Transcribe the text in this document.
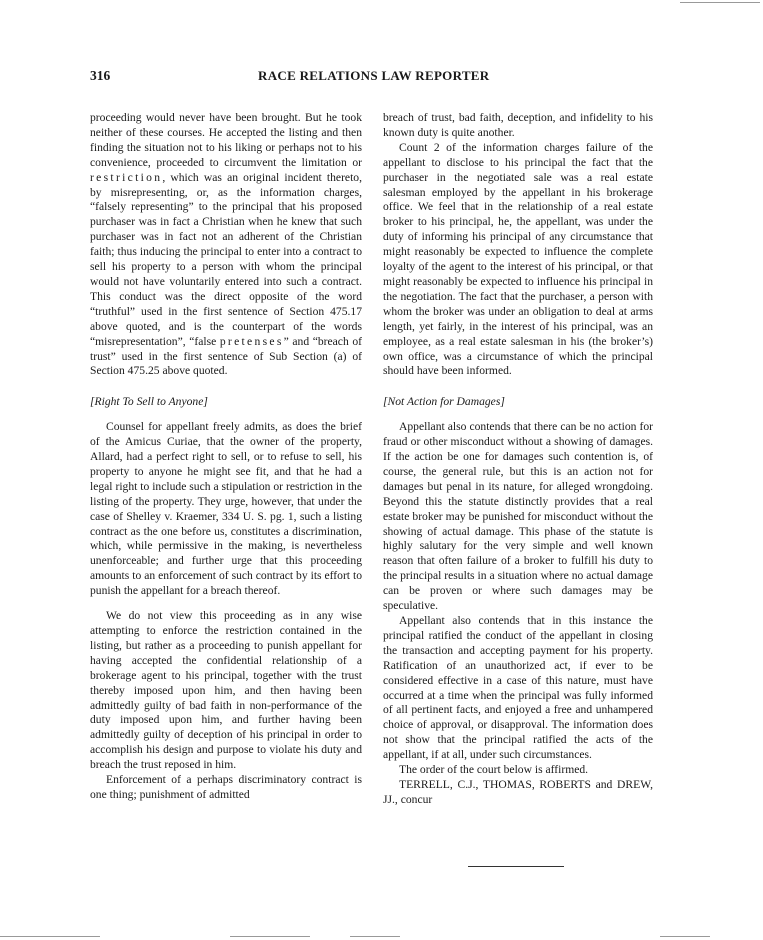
316	RACE RELATIONS LAW REPORTER

proceeding would never have been brought. But he took neither of these courses. He accepted the listing and then finding the situation not to his liking or perhaps not to his convenience, proceeded to circumvent the limitation or restriction, which was an original incident thereto, by misrepresenting, or, as the information charges, “falsely representing” to the principal that his proposed purchaser was in fact a Christian when he knew that such purchaser was in fact not an adherent of the Christian faith; thus inducing the principal to enter into a contract to sell his property to a person with whom the principal would not have voluntarily entered into such a contract. This conduct was the direct opposite of the word “truthful” used in the first sentence of Section 475.17 above quoted, and is the counterpart of the words “misrepresentation”, “false pretenses” and “breach of trust” used in the first sentence of Sub Section (a) of Section 475.25 above quoted.

[Right To Sell to Anyone]

Counsel for appellant freely admits, as does the brief of the Amicus Curiae, that the owner of the property, Allard, had a perfect right to sell, or to refuse to sell, his property to anyone he might see fit, and that he had a legal right to include such a stipulation or restriction in the listing of the property. They urge, however, that under the case of Shelley v. Kraemer, 334 U. S. pg. 1, such a listing contract as the one before us, constitutes a discrimination, which, while permissive in the making, is nevertheless unenforceable; and further urge that this proceeding amounts to an enforcement of such contract by its effort to punish the appellant for a breach thereof.

We do not view this proceeding as in any wise attempting to enforce the restriction contained in the listing, but rather as a proceeding to punish appellant for having accepted the confidential relationship of a brokerage agent to his principal, together with the trust thereby imposed upon him, and then having been admittedly guilty of bad faith in non-performance of the duty imposed upon him, and further having been admittedly guilty of deception of his principal in order to accomplish his design and purpose to violate his duty and breach the trust reposed in him.

Enforcement of a perhaps discriminatory contract is one thing; punishment of admitted

breach of trust, bad faith, deception, and infidelity to his known duty is quite another.

Count 2 of the information charges failure of the appellant to disclose to his principal the fact that the purchaser in the negotiated sale was a real estate salesman employed by the appellant in his brokerage office. We feel that in the relationship of a real estate broker to his principal, he, the appellant, was under the duty of informing his principal of any circumstance that might reasonably be expected to influence the complete loyalty of the agent to the interest of his principal, or that might reasonably be expected to influence his principal in the negotiation. The fact that the purchaser, a person with whom the broker was under an obligation to deal at arms length, yet fairly, in the interest of his principal, was an employee, as a real estate salesman in his (the broker’s) own office, was a circumstance of which the principal should have been informed.

[Not Action for Damages]

Appellant also contends that there can be no action for fraud or other misconduct without a showing of damages. If the action be one for damages such contention is, of course, the general rule, but this is an action not for damages but penal in its nature, for alleged wrongdoing. Beyond this the statute distinctly provides that a real estate broker may be punished for misconduct without the showing of actual damage. This phase of the statute is highly salutary for the very simple and well known reason that often failure of a broker to fulfill his duty to the principal results in a situation where no actual damage can be proven or where such damages may be speculative.

Appellant also contends that in this instance the principal ratified the conduct of the appellant in closing the transaction and accepting payment for his property. Ratification of an unauthorized act, if ever to be considered effective in a case of this nature, must have occurred at a time when the principal was fully informed of all pertinent facts, and enjoyed a free and unhampered choice of approval, or disapproval. The information does not show that the principal ratified the acts of the appellant, if at all, under such circumstances.

The order of the court below is affirmed.

TERRELL, C.J., THOMAS, ROBERTS and DREW, JJ., concur
